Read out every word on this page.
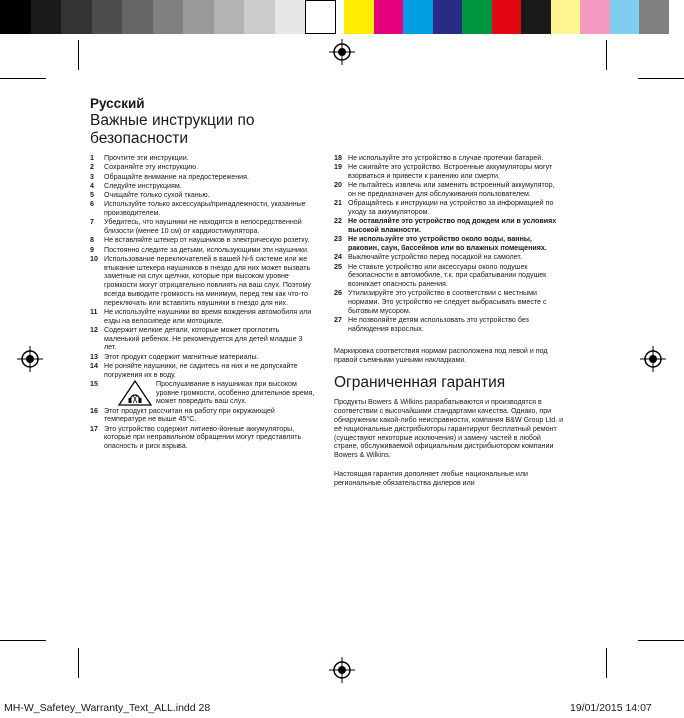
Русский
Важные инструкции по безопасности
1	Прочтите эти инструкции.
2	Сохраняйте эту инструкцию.
3	Обращайте внимание на предостережения.
4	Следуйте инструкциям.
5	Очищайте только сухой тканью.
6	Используйте только аксессуары/принадлежности, указанные производителем.
7	Убедитесь, что наушники не находятся в непосредственной близости (менее 10 см) от кардиостимулятора.
8	Не вставляйте штекер от наушников в электрическую розетку.
9	Постоянно следите за детьми, использующими эти наушники.
10 Использование переключателей в вашей hi-fi системе или же втыкание штекера наушников в гнездо для них может вызвать заметные на слух щелчки, которые при высоком уровне громкости могут отрицательно повлиять на ваш слух. Поэтому всегда выводите громкость на минимум, перед тем как что-то переключать или вставлять наушники в гнездо для них.
11 Не используйте наушники во время вождения автомобиля или езды на велосипеде или мотоцикле.
12 Содержит мелкие детали, которые может проглотить маленький ребенок. Не рекомендуется для детей младше 3 лет.
13 Этот продукт содержит магнитные материалы.
14 Не роняйте наушники, не садитесь на них и не допускайте погружения их в воду.
15	Прослушивание в наушниках при высоком уровне громкости, особенно длительное время, может повредить ваш слух.
16 Этот продукт рассчитан на работу при окружающей температуре не выше 45°C.
17 Это устройство содержит литиево-йонные аккумуляторы, которые при неправильном обращении могут представлять опасность и риск взрыва.
18 Не используйте это устройство в случае протечки батарей.
19 Не сжигайте это устройство. Встроенные аккумуляторы могут взорваться и привести к ранению или смерти.
20 Не пытайтесь извлечь или заменить встроенный аккумулятор, он не предназначен для обслуживания пользователем.
21 Обращайтесь к инструкции на устройство за информацией по уходу за аккумулятором.
22 Не оставляйте это устройство под дождем или в условиях высокой влажности.
23 Не используйте это устройство около воды, ванны, раковин, саун, бассейнов или во влажных помещениях.
24 Выключайте устройство перед посадкой на самолет.
25 Не ставьте устройство или аксессуары около подушек безопасности в автомобиле, т.к. при срабатывании подушек возникает опасность ранения.
26 Утилизируйте это устройство в соответствии с местными нормами. Это устройство не следует выбрасывать вместе с бытовым мусором.
27 Не позволяйте детям использовать это устройство без наблюдения взрослых.
Маркировка соответствия нормам расположена под левой и под правой съемными ушными накладками.
Ограниченная гарантия
Продукты Bowers & Wilkins разрабатываются и производятся в соответствии с высочайшими стандартами качества. Однако, при обнаружении какой-либо неисправности, компания B&W Group Ltd. и её национальные дистрибьюторы гарантируют бесплатный ремонт (существуют некоторые исключения) и замену частей в любой стране, обслуживаемой официальным дистрибьютором компании Bowers & Wilkins.
Настоящая гарантия дополняет любые национальные или региональные обязательства дилеров или
MH-W_Safetey_Warranty_Text_ALL.indd 28	19/01/2015 14:07
